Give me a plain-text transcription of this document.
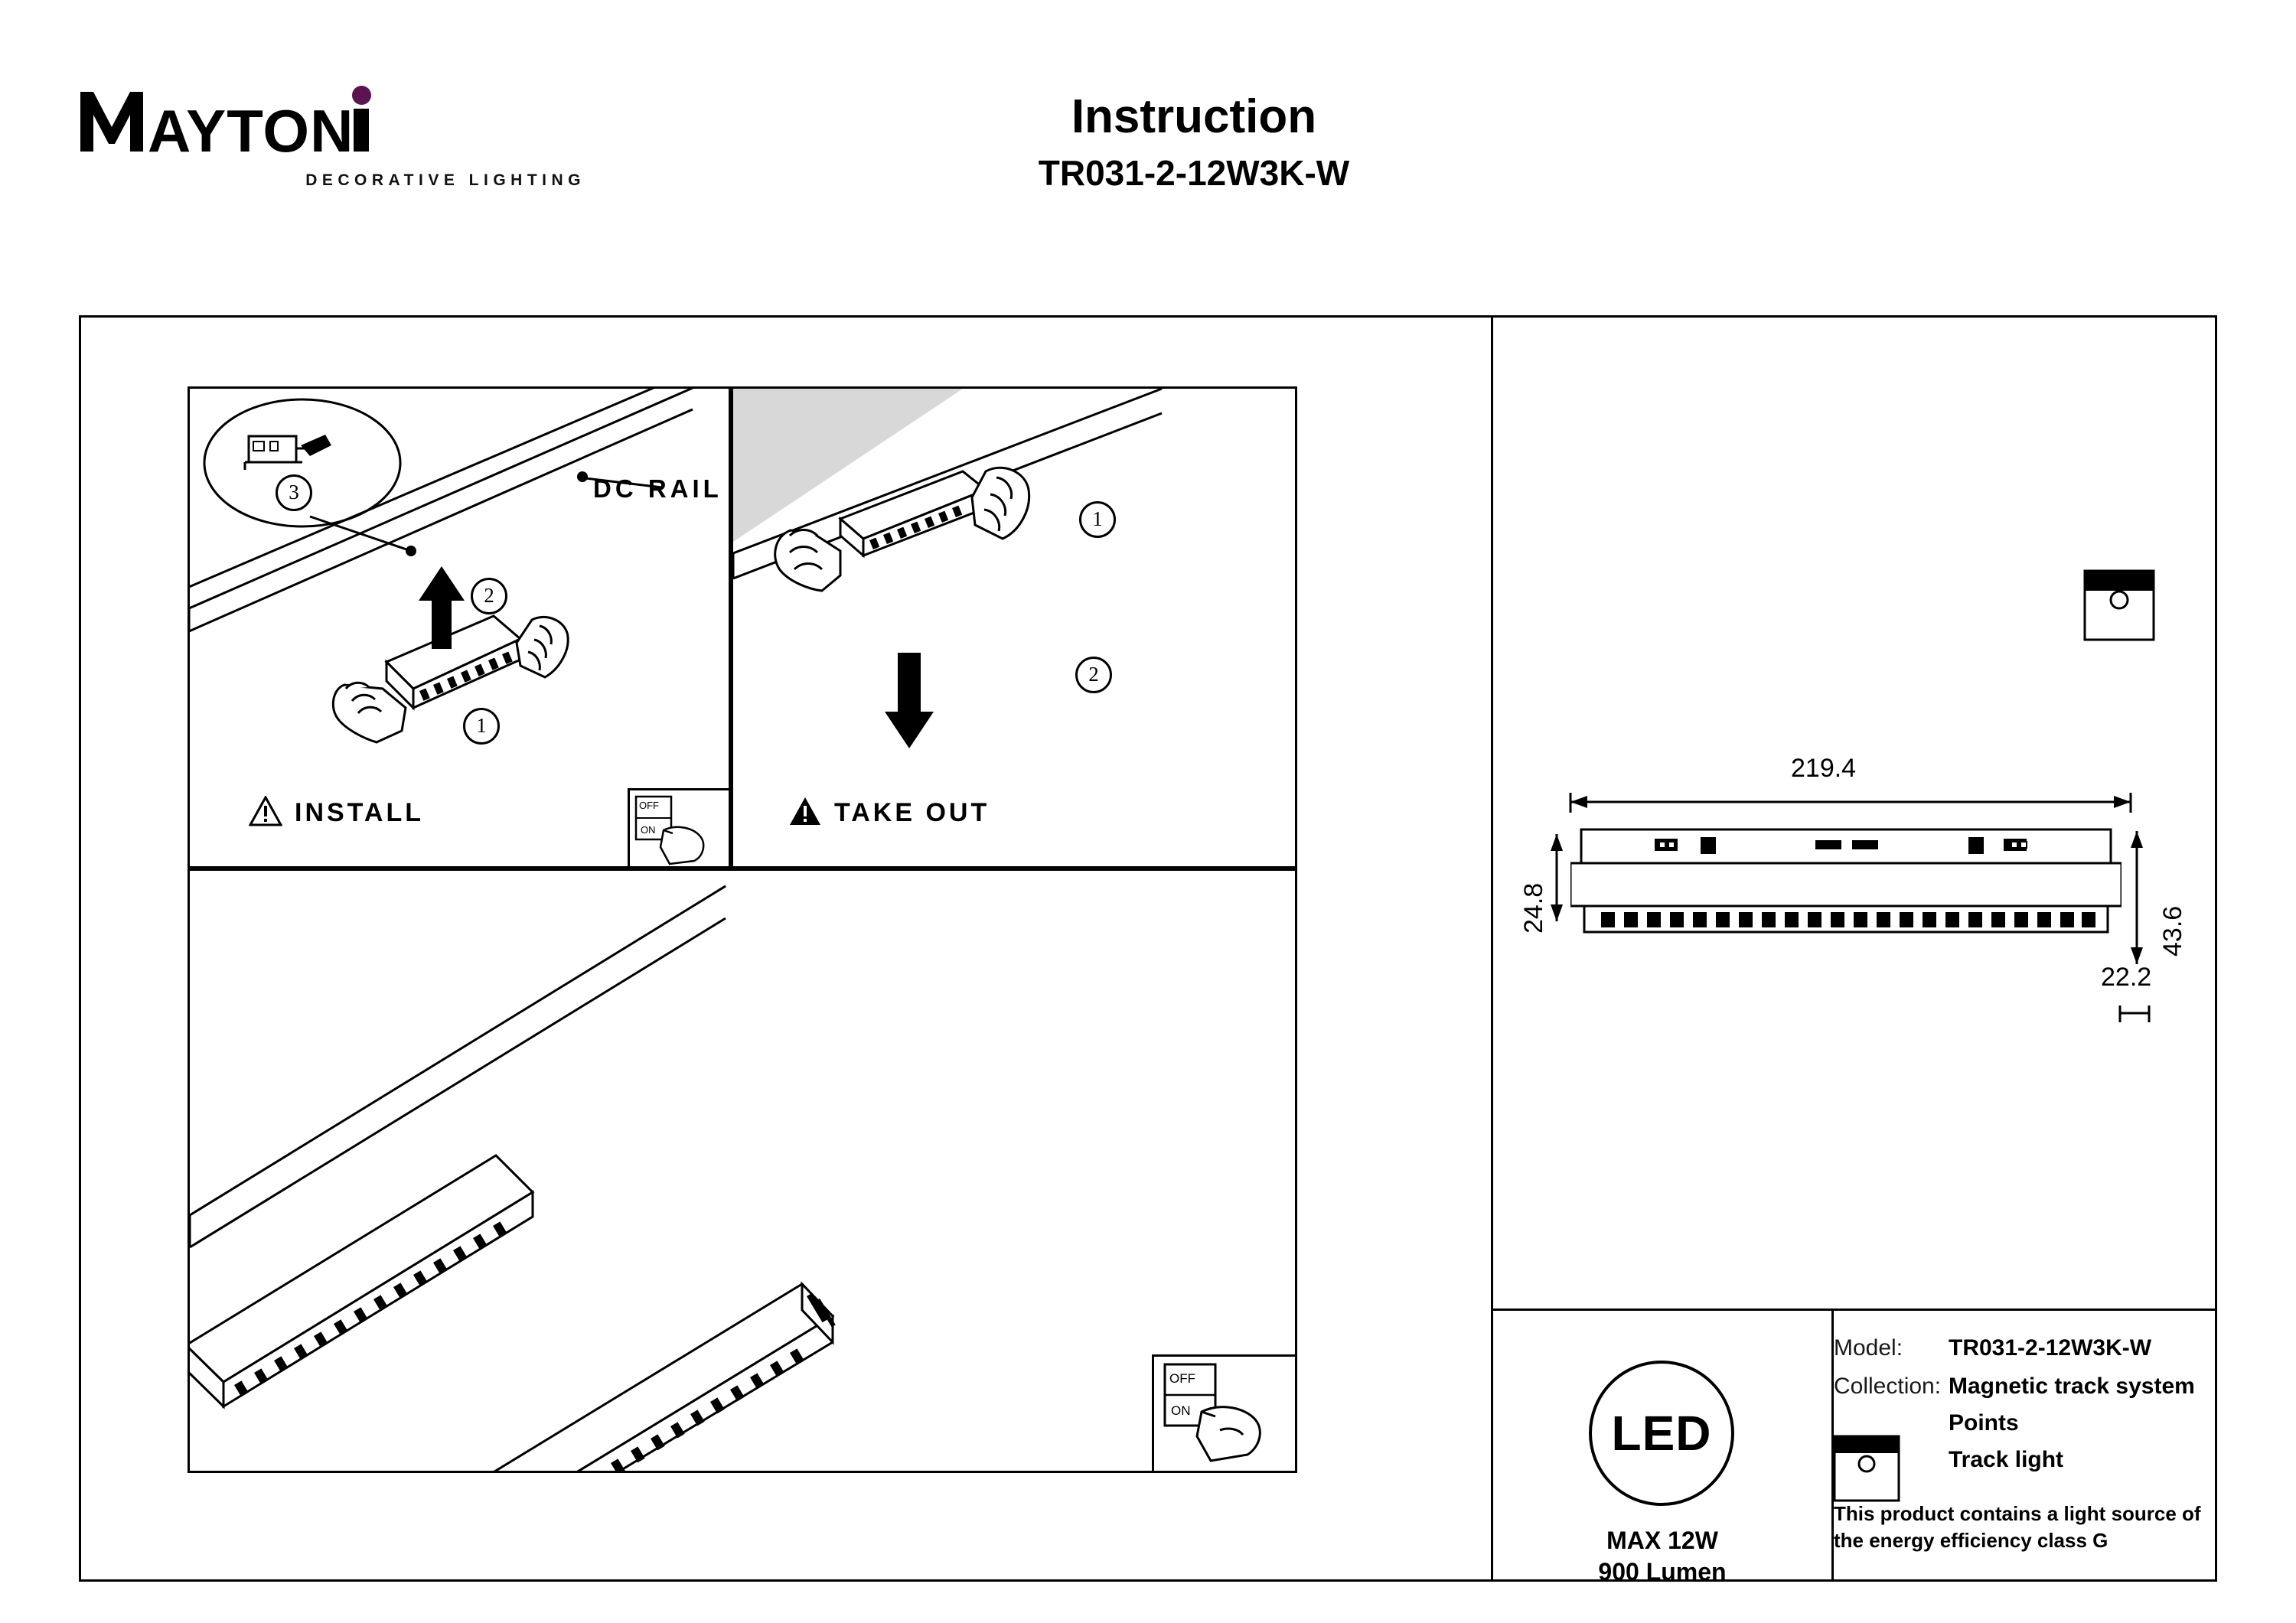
AYTON
DECORATIVE LIGHTING
Instruction
TR031-2-12W3K-W
3	DC RAIL
1
2
INSTALL
1
2
TAKE OUT
OFF
ON
OFF
ON
219.4
24.8	43.6
22.2
LED
MAX 12W
900 Lumen
Model: TR031-2-12W3K-W
Collection: Magnetic track system
Points
Track light
This product contains a light source of the energy efficiency class G
